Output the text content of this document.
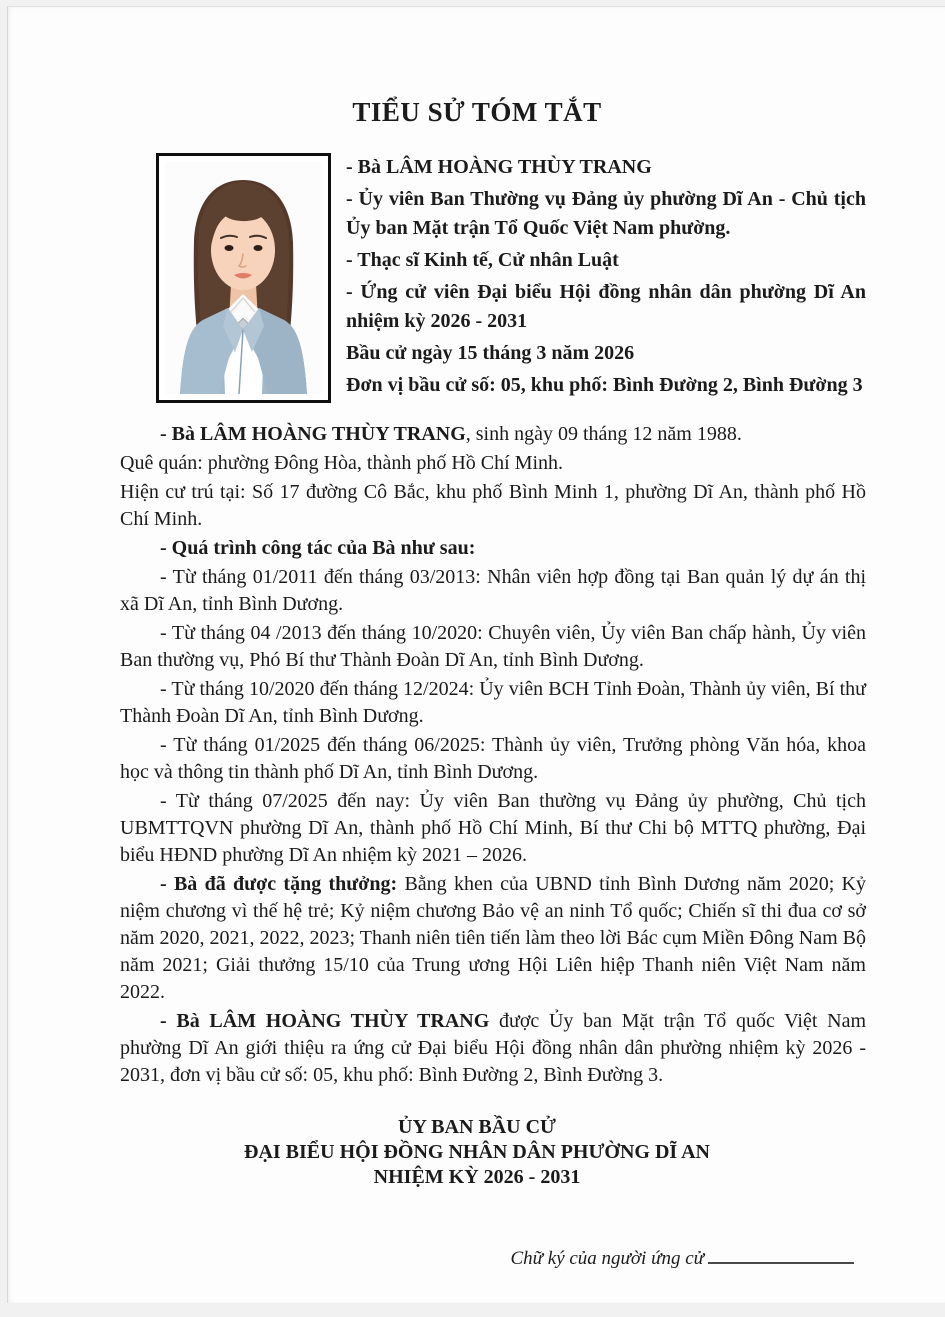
TIỂU SỬ TÓM TẮT

- Bà LÂM HOÀNG THÙY TRANG

- Ủy viên Ban Thường vụ Đảng ủy phường Dĩ An - Chủ tịch Ủy ban Mặt trận Tổ Quốc Việt Nam phường.

- Thạc sĩ Kinh tế, Cử nhân Luật

- Ứng cử viên Đại biểu Hội đồng nhân dân phường Dĩ An nhiệm kỳ 2026 - 2031

Bầu cử ngày 15 tháng 3 năm 2026

Đơn vị bầu cử số: 05, khu phố: Bình Đường 2, Bình Đường 3

- Bà LÂM HOÀNG THÙY TRANG, sinh ngày 09 tháng 12 năm 1988.

Quê quán: phường Đông Hòa, thành phố Hồ Chí Minh.

Hiện cư trú tại: Số 17 đường Cô Bắc, khu phố Bình Minh 1, phường Dĩ An, thành phố Hồ Chí Minh.

- Quá trình công tác của Bà như sau:

- Từ tháng 01/2011 đến tháng 03/2013: Nhân viên hợp đồng tại Ban quản lý dự án thị xã Dĩ An, tỉnh Bình Dương.

- Từ tháng 04 /2013 đến tháng 10/2020: Chuyên viên, Ủy viên Ban chấp hành, Ủy viên Ban thường vụ, Phó Bí thư Thành Đoàn Dĩ An, tỉnh Bình Dương.

- Từ tháng 10/2020 đến tháng 12/2024: Ủy viên BCH Tỉnh Đoàn, Thành ủy viên, Bí thư Thành Đoàn Dĩ An, tỉnh Bình Dương.

- Từ tháng 01/2025 đến tháng 06/2025: Thành ủy viên, Trưởng phòng Văn hóa, khoa học và thông tin thành phố Dĩ An, tỉnh Bình Dương.

- Từ tháng 07/2025 đến nay: Ủy viên Ban thường vụ Đảng ủy phường, Chủ tịch UBMTTQVN phường Dĩ An, thành phố Hồ Chí Minh, Bí thư Chi bộ MTTQ phường, Đại biểu HĐND phường Dĩ An nhiệm kỳ 2021 – 2026.

- Bà đã được tặng thưởng: Bằng khen của UBND tỉnh Bình Dương năm 2020; Kỷ niệm chương vì thế hệ trẻ; Kỷ niệm chương Bảo vệ an ninh Tổ quốc; Chiến sĩ thi đua cơ sở năm 2020, 2021, 2022, 2023; Thanh niên tiên tiến làm theo lời Bác cụm Miền Đông Nam Bộ năm 2021; Giải thưởng 15/10 của Trung ương Hội Liên hiệp Thanh niên Việt Nam năm 2022.

- Bà LÂM HOÀNG THÙY TRANG được Ủy ban Mặt trận Tổ quốc Việt Nam phường Dĩ An giới thiệu ra ứng cử Đại biểu Hội đồng nhân dân phường nhiệm kỳ 2026 - 2031, đơn vị bầu cử số: 05, khu phố: Bình Đường 2, Bình Đường 3.

ỦY BAN BẦU CỬ

ĐẠI BIỂU HỘI ĐỒNG NHÂN DÂN PHƯỜNG DĨ AN

NHIỆM KỲ 2026 - 2031

Chữ ký của người ứng cử
